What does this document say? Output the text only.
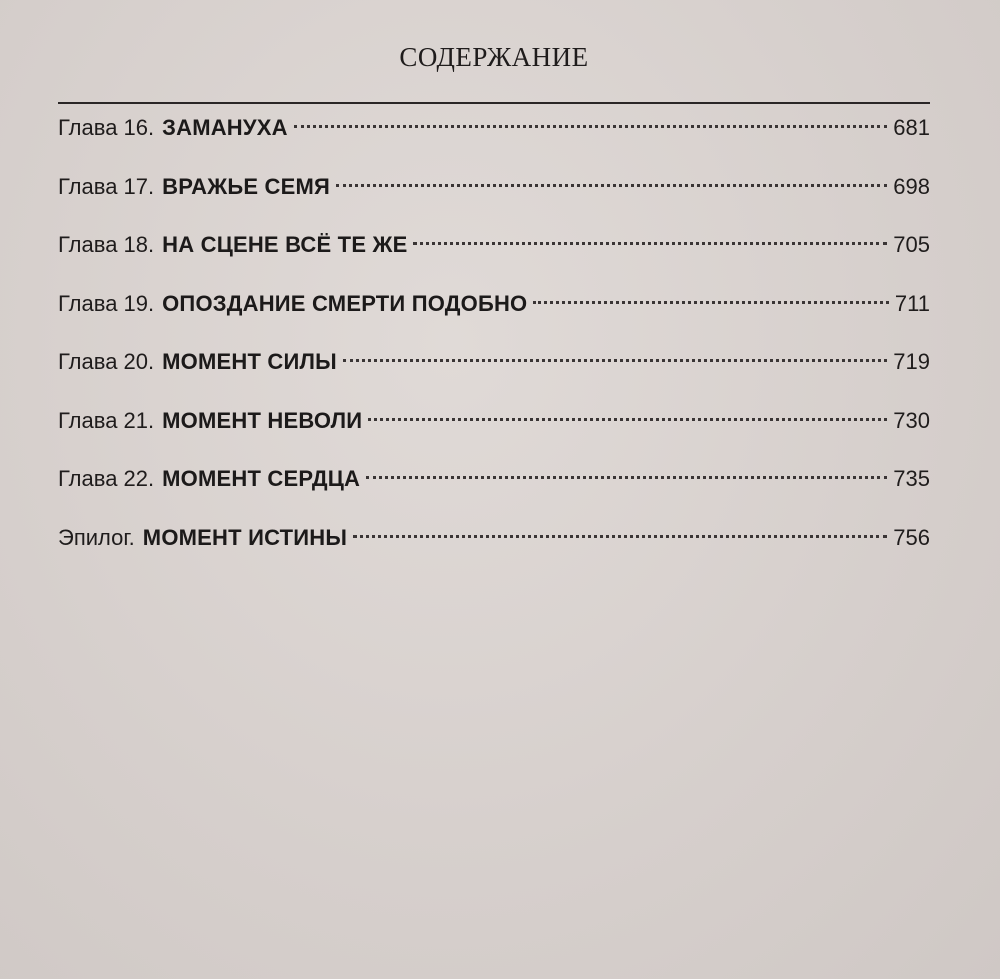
СОДЕРЖАНИЕ
Глава 16. ЗАМАНУХА	681
Глава 17. ВРАЖЬЕ СЕМЯ	698
Глава 18. НА СЦЕНЕ ВСЁ ТЕ ЖЕ	705
Глава 19. ОПОЗДАНИЕ СМЕРТИ ПОДОБНО	711
Глава 20. МОМЕНТ СИЛЫ	719
Глава 21. МОМЕНТ НЕВОЛИ	730
Глава 22. МОМЕНТ СЕРДЦА	735
Эпилог. МОМЕНТ ИСТИНЫ	756
